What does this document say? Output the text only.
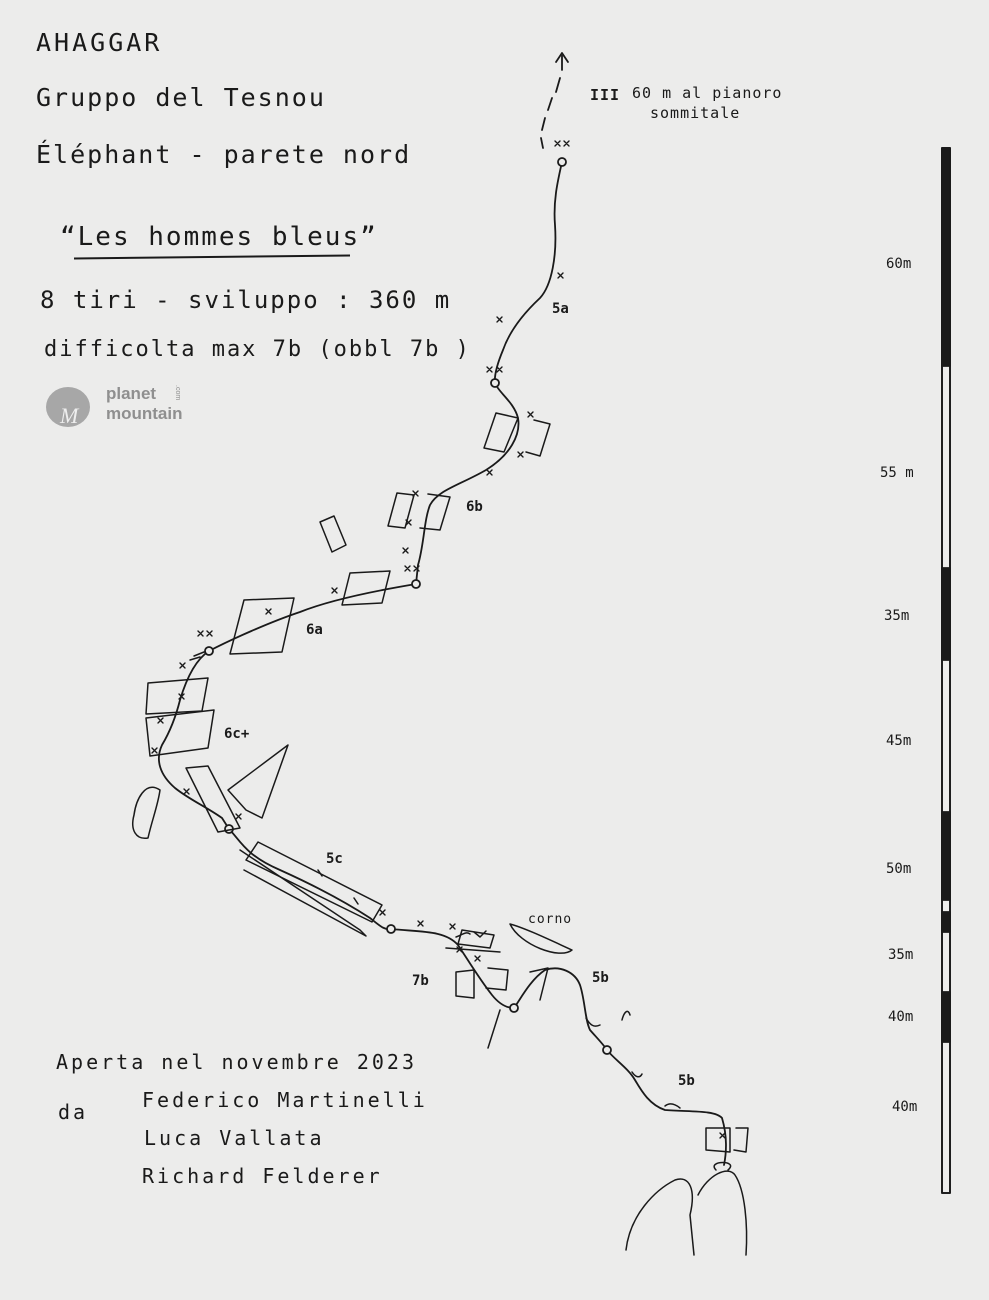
AHAGGAR
Gruppo del Tesnou
Éléphant - parete nord
“Les hommes bleus”
8 tiri - sviluppo : 360 m
difficolta max 7b (obbl 7b )
M
planet
mountain
.com
III 60 m al pianoro
sommitale
corno
5a
6b
6a
6c+
5c
7b	5b
5b
60m
55 m
35m
45m
50m
35m
40m
40m
Aperta nel novembre 2023
da	Federico Martinelli
Luca Vallata
Richard Felderer
